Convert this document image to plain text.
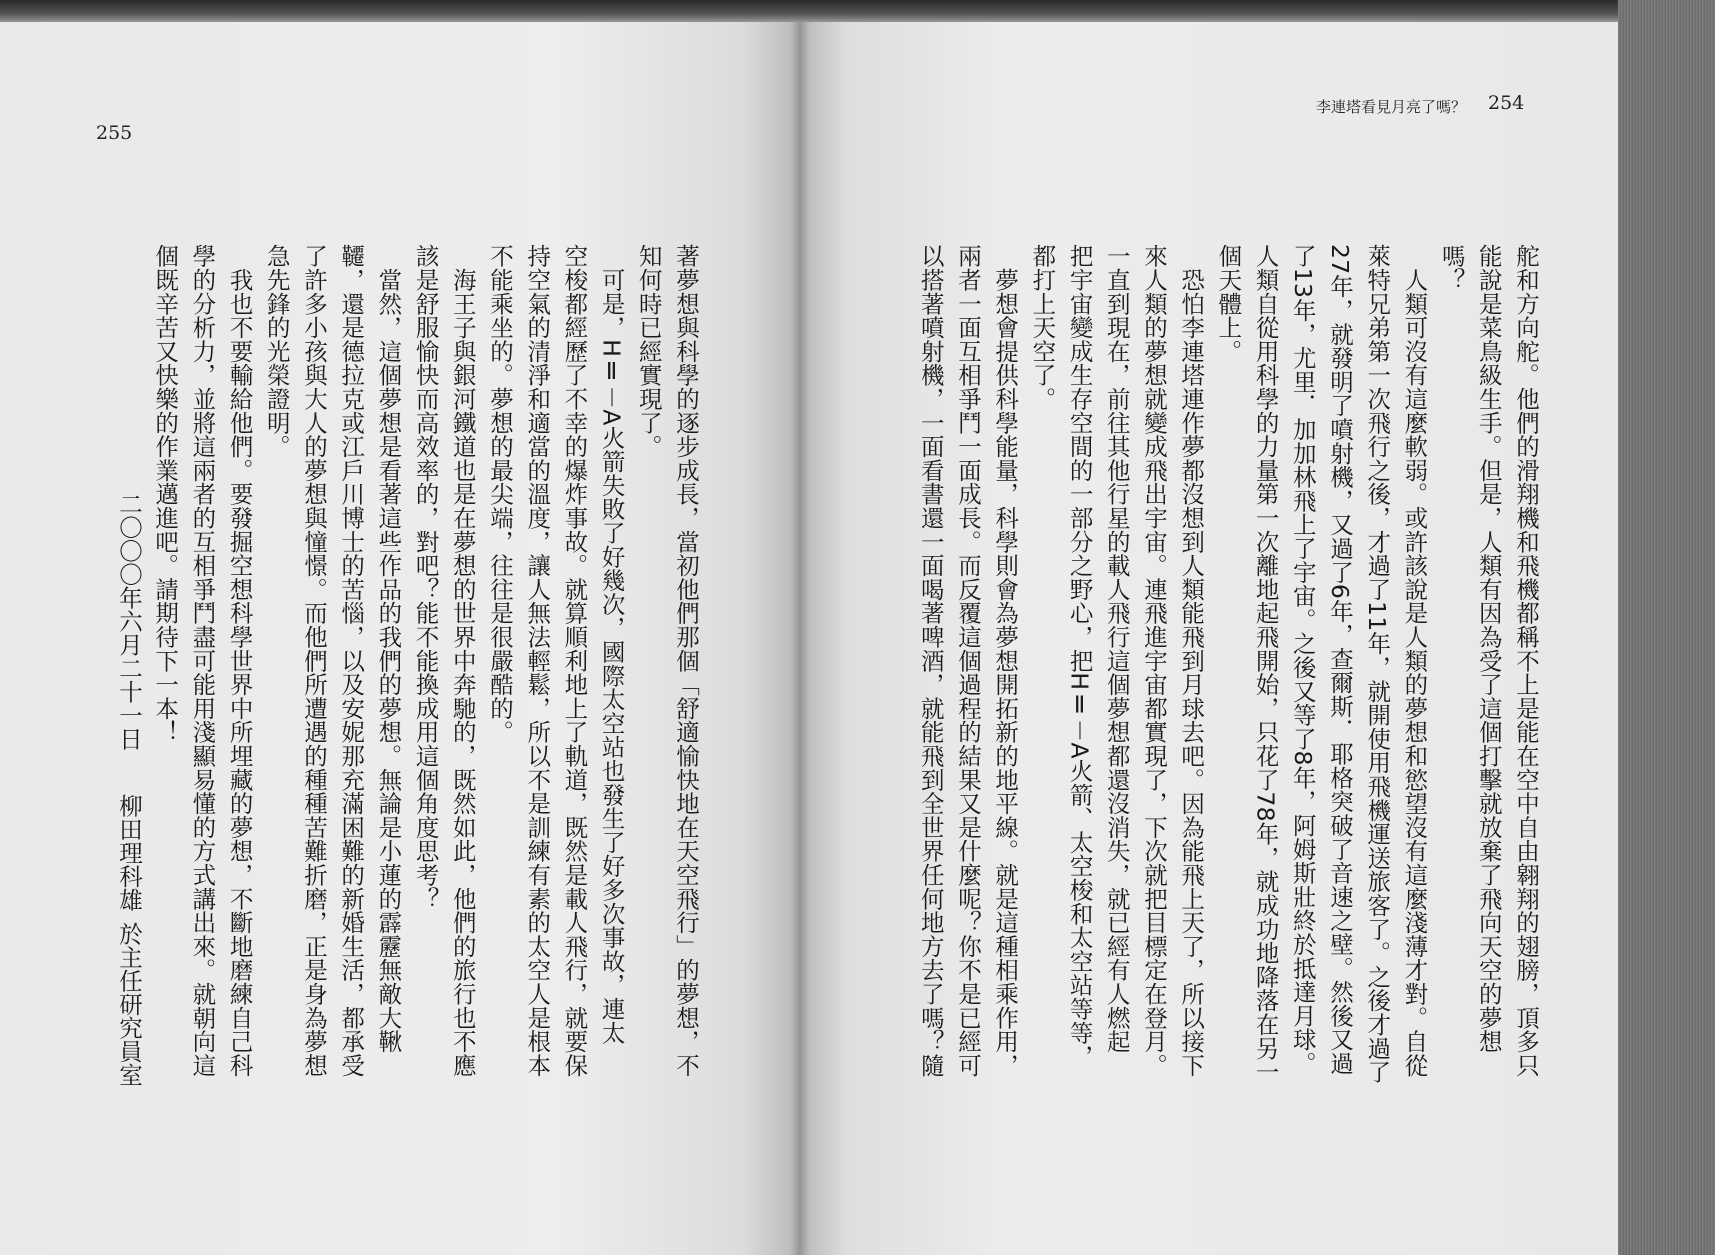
255
著夢想與科學的逐步成長，當初他們那個「舒適愉快地在天空飛行」的夢想，不
知何時已經實現了。
　可是，HⅡ－A火箭失敗了好幾次，國際太空站也發生了好多次事故，連太
空梭都經歷了不幸的爆炸事故。就算順利地上了軌道，既然是載人飛行，就要保
持空氣的清淨和適當的溫度，讓人無法輕鬆，所以不是訓練有素的太空人是根本
不能乘坐的。夢想的最尖端，往往是很嚴酷的。
　海王子與銀河鐵道也是在夢想的世界中奔馳的，既然如此，他們的旅行也不應
該是舒服愉快而高效率的，對吧？能不能換成用這個角度思考？
　當然，這個夢想是看著這些作品的我們的夢想。無論是小蓮的霹靂無敵大鞦
韆，還是德拉克或江戶川博士的苦惱，以及安妮那充滿困難的新婚生活，都承受
了許多小孩與大人的夢想與憧憬。而他們所遭遇的種種苦難折磨，正是身為夢想
急先鋒的光榮證明。
　我也不要輸給他們。要發掘空想科學世界中所埋藏的夢想，不斷地磨練自己科
學的分析力，並將這兩者的互相爭鬥盡可能用淺顯易懂的方式講出來。就朝向這
個既辛苦又快樂的作業邁進吧。請期待下一本！
二〇〇〇年六月二十一日
柳田理科雄
於主任研究員室
李連塔看見月亮了嗎？ 254
舵和方向舵。他們的滑翔機和飛機都稱不上是能在空中自由翱翔的翅膀，頂多只
能說是菜鳥級生手。但是，人類有因為受了這個打擊就放棄了飛向天空的夢想
嗎？
　人類可沒有這麼軟弱。或許該說是人類的夢想和慾望沒有這麼淺薄才對。自從
萊特兄弟第一次飛行之後，才過了11年，就開使用飛機運送旅客了。之後才過了
27年，就發明了噴射機，又過了6年，查爾斯．耶格突破了音速之壁。然後又過
了13年，尤里．加加林飛上了宇宙。之後又等了8年，阿姆斯壯終於抵達月球。
人類自從用科學的力量第一次離地起飛開始，只花了78年，就成功地降落在另一
個天體上。
　恐怕李連塔連作夢都沒想到人類能飛到月球去吧。因為能飛上天了，所以接下
來人類的夢想就變成飛出宇宙。連飛進宇宙都實現了，下次就把目標定在登月。
一直到現在，前往其他行星的載人飛行這個夢想都還沒消失，就已經有人燃起
把宇宙變成生存空間的一部分之野心，把HⅡ－A火箭、太空梭和太空站等等，
都打上天空了。
　夢想會提供科學能量，科學則會為夢想開拓新的地平線。就是這種相乘作用，
兩者一面互相爭鬥一面成長。而反覆這個過程的結果又是什麼呢？你不是已經可
以搭著噴射機，一面看書還一面喝著啤酒，就能飛到全世界任何地方去了嗎？隨
